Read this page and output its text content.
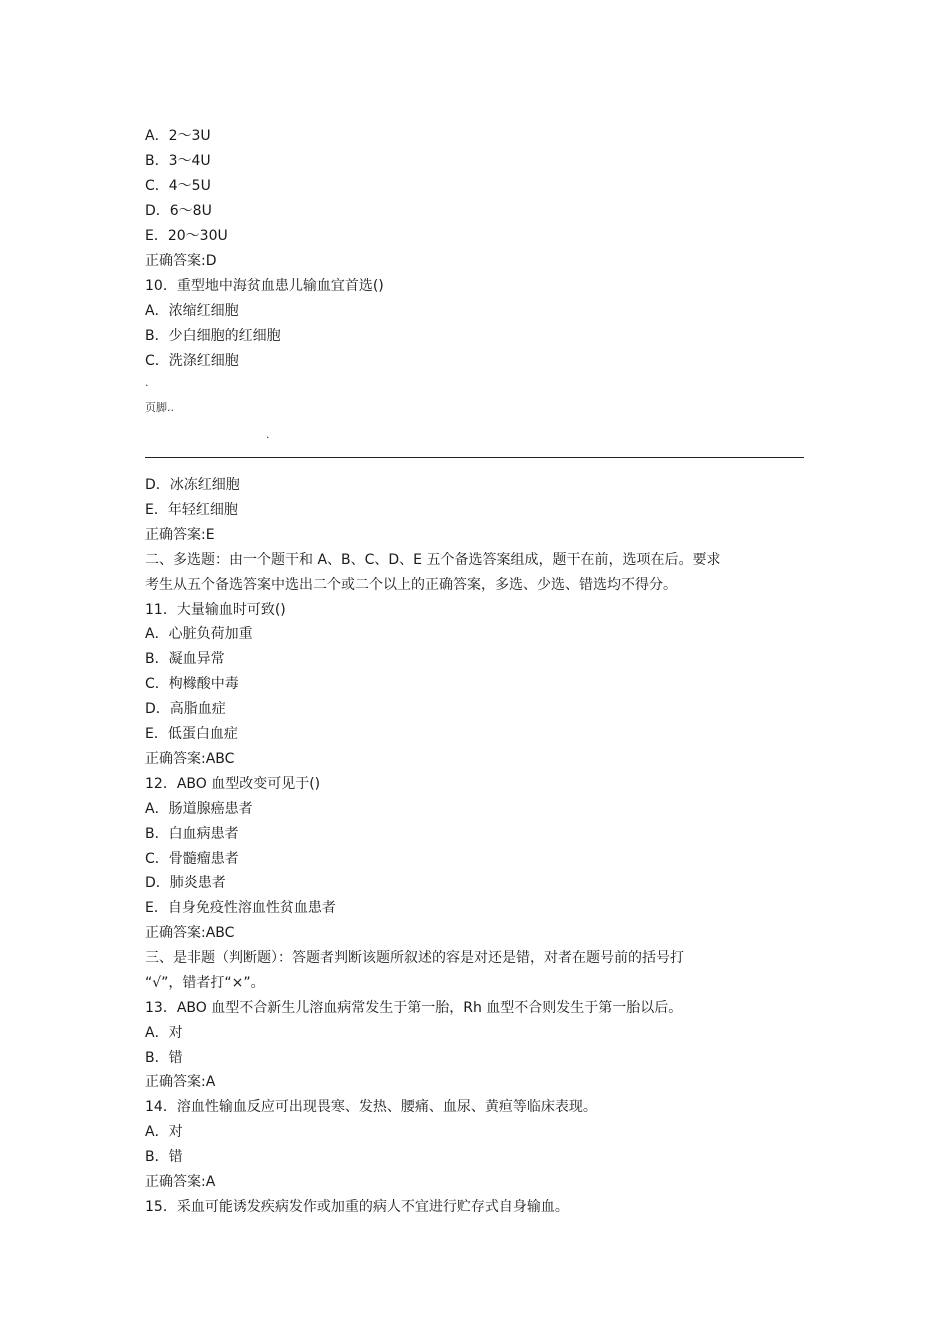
A．2～3U
B．3～4U
C．4～5U
D．6～8U
E．20～30U
正确答案:D
10．重型地中海贫血患儿输血宜首选()
A．浓缩红细胞
B．少白细胞的红细胞
C．洗涤红细胞
.
页脚..
.
D．冰冻红细胞
E．年轻红细胞
正确答案:E
二、多选题：由一个题干和 A、B、C、D、E 五个备选答案组成，题干在前，选项在后。要求
考生从五个备选答案中选出二个或二个以上的正确答案，多选、少选、错选均不得分。
11．大量输血时可致()
A．心脏负荷加重
B．凝血异常
C．枸橼酸中毒
D．高脂血症
E．低蛋白血症
正确答案:ABC
12．ABO 血型改变可见于()
A．肠道腺癌患者
B．白血病患者
C．骨髓瘤患者
D．肺炎患者
E．自身免疫性溶血性贫血患者
正确答案:ABC
三、是非题（判断题）：答题者判断该题所叙述的容是对还是错，对者在题号前的括号打
“√”，错者打“×”。
13．ABO 血型不合新生儿溶血病常发生于第一胎，Rh 血型不合则发生于第一胎以后。
A．对
B．错
正确答案:A
14．溶血性输血反应可出现畏寒、发热、腰痛、血尿、黄疸等临床表现。
A．对
B．错
正确答案:A
15．采血可能诱发疾病发作或加重的病人不宜进行贮存式自身输血。
